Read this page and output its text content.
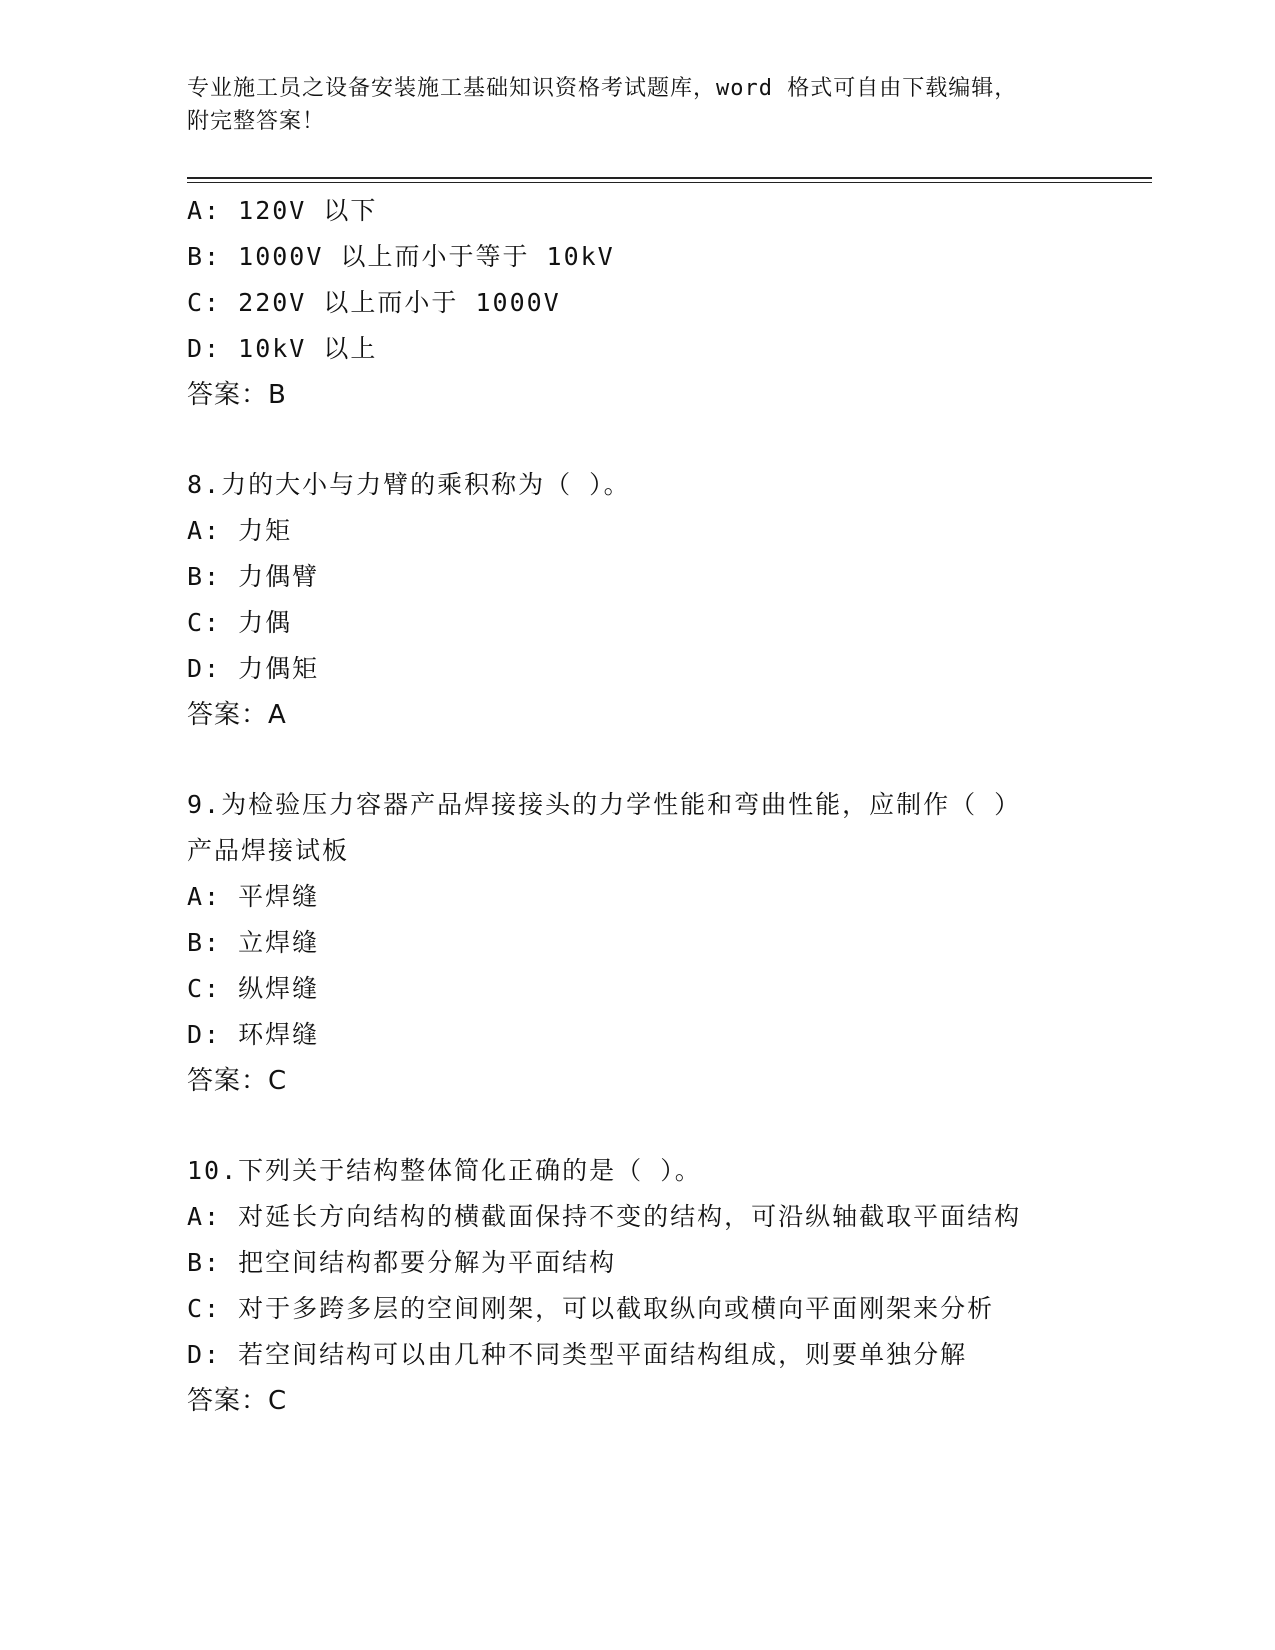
专业施工员之设备安装施工基础知识资格考试题库，word 格式可自由下载编辑，
附完整答案！
A: 120V 以下
B: 1000V 以上而小于等于 10kV
C: 220V 以上而小于 1000V
D: 10kV 以上
答案：B
8.力的大小与力臂的乘积称为（ ）。
A: 力矩
B: 力偶臂
C: 力偶
D: 力偶矩
答案：A
9.为检验压力容器产品焊接接头的力学性能和弯曲性能，应制作（ ）
产品焊接试板
A: 平焊缝
B: 立焊缝
C: 纵焊缝
D: 环焊缝
答案：C
10.下列关于结构整体简化正确的是（ ）。
A: 对延长方向结构的横截面保持不变的结构，可沿纵轴截取平面结构
B: 把空间结构都要分解为平面结构
C: 对于多跨多层的空间刚架，可以截取纵向或横向平面刚架来分析
D: 若空间结构可以由几种不同类型平面结构组成，则要单独分解
答案：C
